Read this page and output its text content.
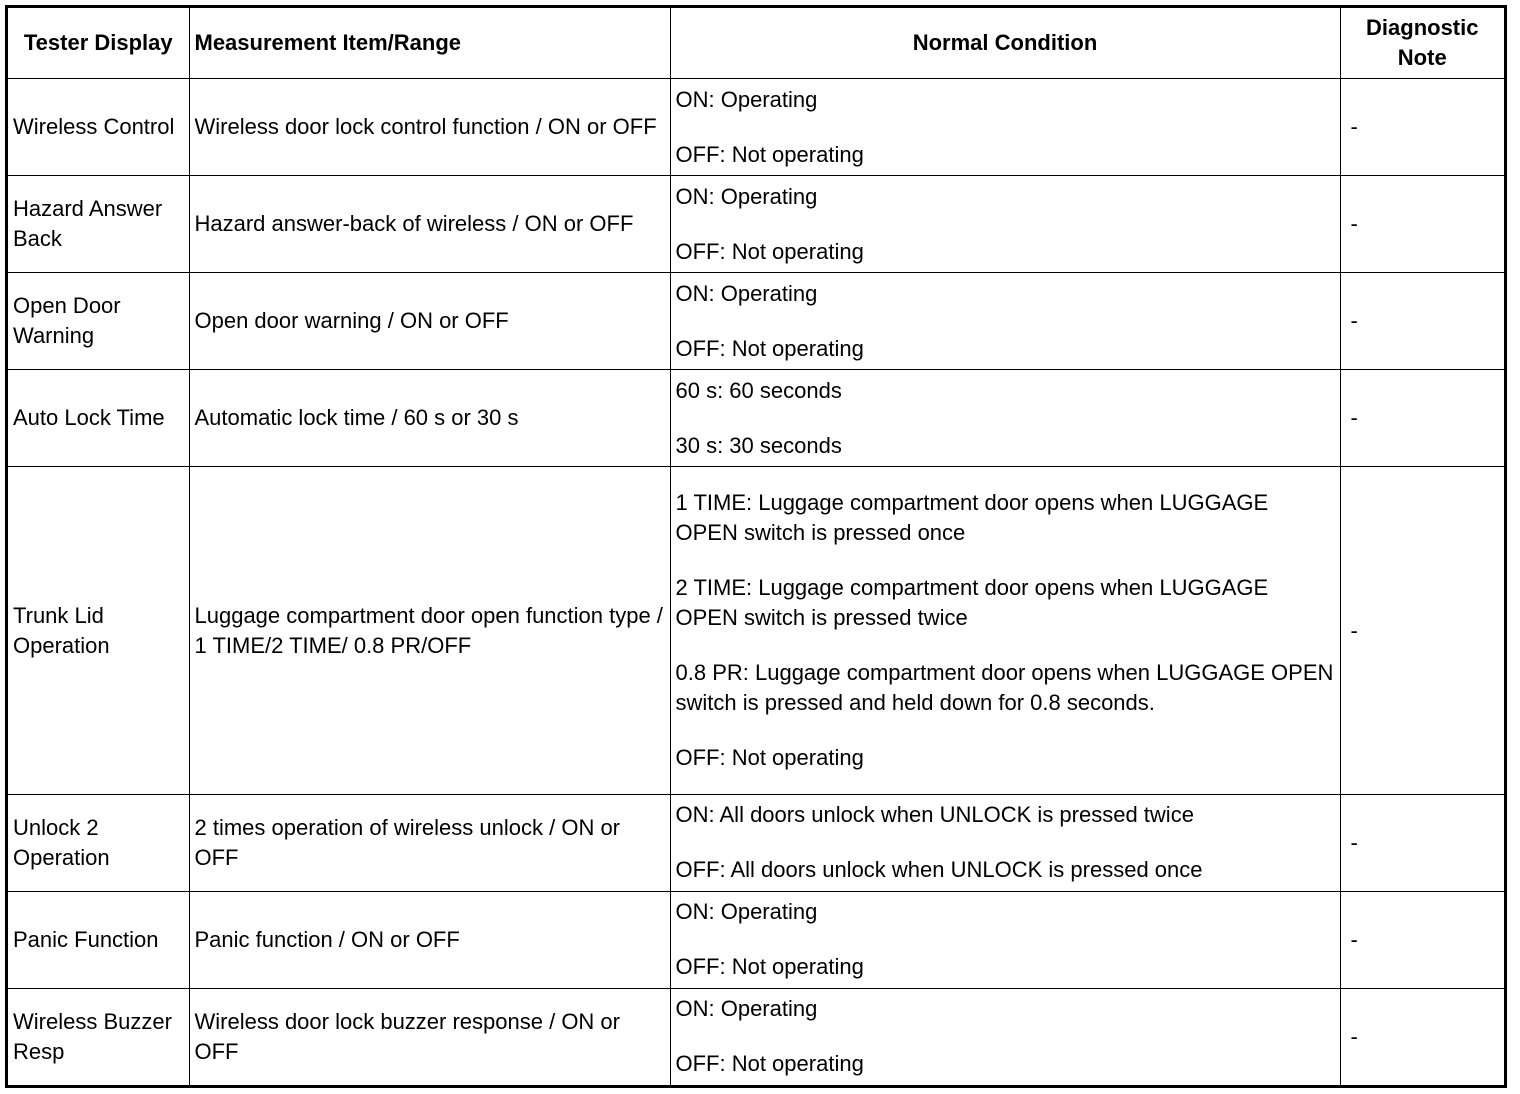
Tester Display	Measurement Item/Range	Normal Condition	Diagnostic Note
Wireless Control	Wireless door lock control function / ON or OFF	ON: Operating

OFF: Not operating	-
Hazard Answer Back	Hazard answer-back of wireless / ON or OFF	ON: Operating

OFF: Not operating	-
Open Door Warning	Open door warning / ON or OFF	ON: Operating

OFF: Not operating	-
Auto Lock Time	Automatic lock time / 60 s or 30 s	60 s: 60 seconds

30 s: 30 seconds	-
Trunk Lid Operation	Luggage compartment door open function type / 1 TIME/2 TIME/ 0.8 PR/OFF	1 TIME: Luggage compartment door opens when LUGGAGE OPEN switch is pressed once

2 TIME: Luggage compartment door opens when LUGGAGE OPEN switch is pressed twice

0.8 PR: Luggage compartment door opens when LUGGAGE OPEN switch is pressed and held down for 0.8 seconds.

OFF: Not operating	-
Unlock 2 Operation	2 times operation of wireless unlock / ON or OFF	ON: All doors unlock when UNLOCK is pressed twice

OFF: All doors unlock when UNLOCK is pressed once	-
Panic Function	Panic function / ON or OFF	ON: Operating

OFF: Not operating	-
Wireless Buzzer Resp	Wireless door lock buzzer response / ON or OFF	ON: Operating

OFF: Not operating	-
